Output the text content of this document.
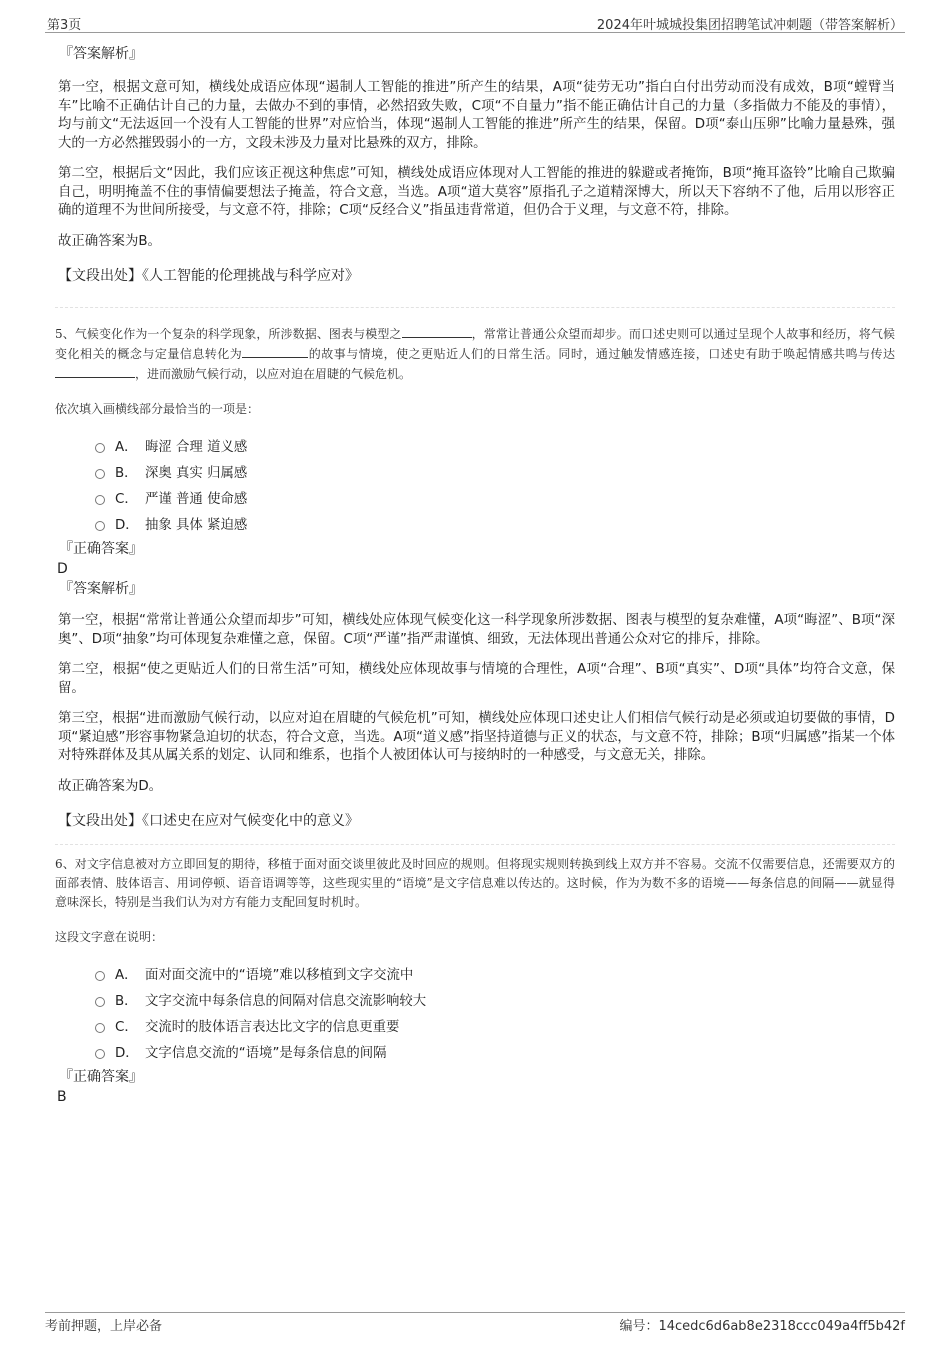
第3页	2024年叶城城投集团招聘笔试冲刺题（带答案解析）
『答案解析』

第一空，根据文意可知，横线处成语应体现“遏制人工智能的推进”所产生的结果，A项“徒劳无功”指白白付出劳动而没有成效，B项“螳臂当车”比喻不正确估计自己的力量，去做办不到的事情，必然招致失败，C项“不自量力”指不能正确估计自己的力量（多指做力不能及的事情），均与前文“无法返回一个没有人工智能的世界”对应恰当，体现“遏制人工智能的推进”所产生的结果，保留。D项“泰山压卵”比喻力量悬殊，强大的一方必然摧毁弱小的一方，文段未涉及力量对比悬殊的双方，排除。

第二空，根据后文“因此，我们应该正视这种焦虑”可知，横线处成语应体现对人工智能的推进的躲避或者掩饰，B项“掩耳盗铃”比喻自己欺骗自己，明明掩盖不住的事情偏要想法子掩盖，符合文意，当选。A项“道大莫容”原指孔子之道精深博大，所以天下容纳不了他，后用以形容正确的道理不为世间所接受，与文意不符，排除；C项“反经合义”指虽违背常道，但仍合于义理，与文意不符，排除。

故正确答案为B。

【文段出处】《人工智能的伦理挑战与科学应对》

5、气候变化作为一个复杂的科学现象，所涉数据、图表与模型之	，常常让普通公众望而却步。而口述史则可以通过呈现个人故事和经历，将气候变化相关的概念与定量信息转化为	的故事与情境，使之更贴近人们的日常生活。同时，通过触发情感连接，口述史有助于唤起情感共鸣与传达，进而激励气候行动，以应对迫在眉睫的气候危机。

依次填入画横线部分最恰当的一项是：

A． 晦涩 合理 道义感
B． 深奥 真实 归属感
C． 严谨 普通 使命感
D． 抽象 具体 紧迫感
『正确答案』
D
『答案解析』

第一空，根据“常常让普通公众望而却步”可知，横线处应体现气候变化这一科学现象所涉数据、图表与模型的复杂难懂，A项“晦涩”、B项“深奥”、D项“抽象”均可体现复杂难懂之意，保留。C项“严谨”指严肃谨慎、细致，无法体现出普通公众对它的排斥，排除。

第二空，根据“使之更贴近人们的日常生活”可知，横线处应体现故事与情境的合理性，A项“合理”、B项“真实”、D项“具体”均符合文意，保留。

第三空，根据“进而激励气候行动，以应对迫在眉睫的气候危机”可知，横线处应体现口述史让人们相信气候行动是必须或迫切要做的事情，D项“紧迫感”形容事物紧急迫切的状态，符合文意，当选。A项“道义感”指坚持道德与正义的状态，与文意不符，排除；B项“归属感”指某一个体对特殊群体及其从属关系的划定、认同和维系，也指个人被团体认可与接纳时的一种感受，与文意无关，排除。

故正确答案为D。

【文段出处】《口述史在应对气候变化中的意义》

6、对文字信息被对方立即回复的期待，移植于面对面交谈里彼此及时回应的规则。但将现实规则转换到线上双方并不容易。交流不仅需要信息，还需要双方的面部表情、肢体语言、用词停顿、语音语调等等，这些现实里的“语境”是文字信息难以传达的。这时候，作为为数不多的语境——每条信息的间隔——就显得意味深长，特别是当我们认为对方有能力支配回复时机时。

这段文字意在说明：

A． 面对面交流中的“语境”难以移植到文字交流中
B． 文字交流中每条信息的间隔对信息交流影响较大
C． 交流时的肢体语言表达比文字的信息更重要
D． 文字信息交流的“语境”是每条信息的间隔
『正确答案』
B
考前押题，上岸必备	编号：14cedc6d6ab8e2318ccc049a4ff5b42f
